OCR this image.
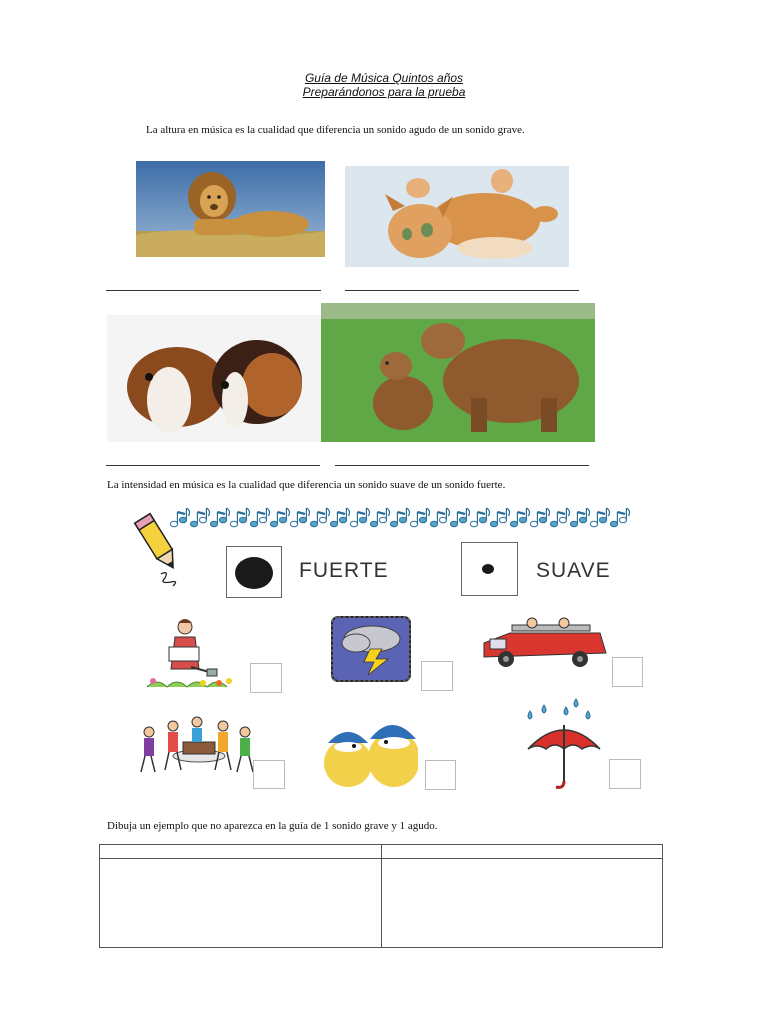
Guía de Música Quintos años
Preparándonos para la prueba
La altura en música es la cualidad que diferencia un sonido agudo de un sonido grave.
La intensidad en música es la cualidad que diferencia un sonido suave de un sonido fuerte.
FUERTE	SUAVE
Dibuja un ejemplo que no aparezca en la guía de 1 sonido grave y 1 agudo.
